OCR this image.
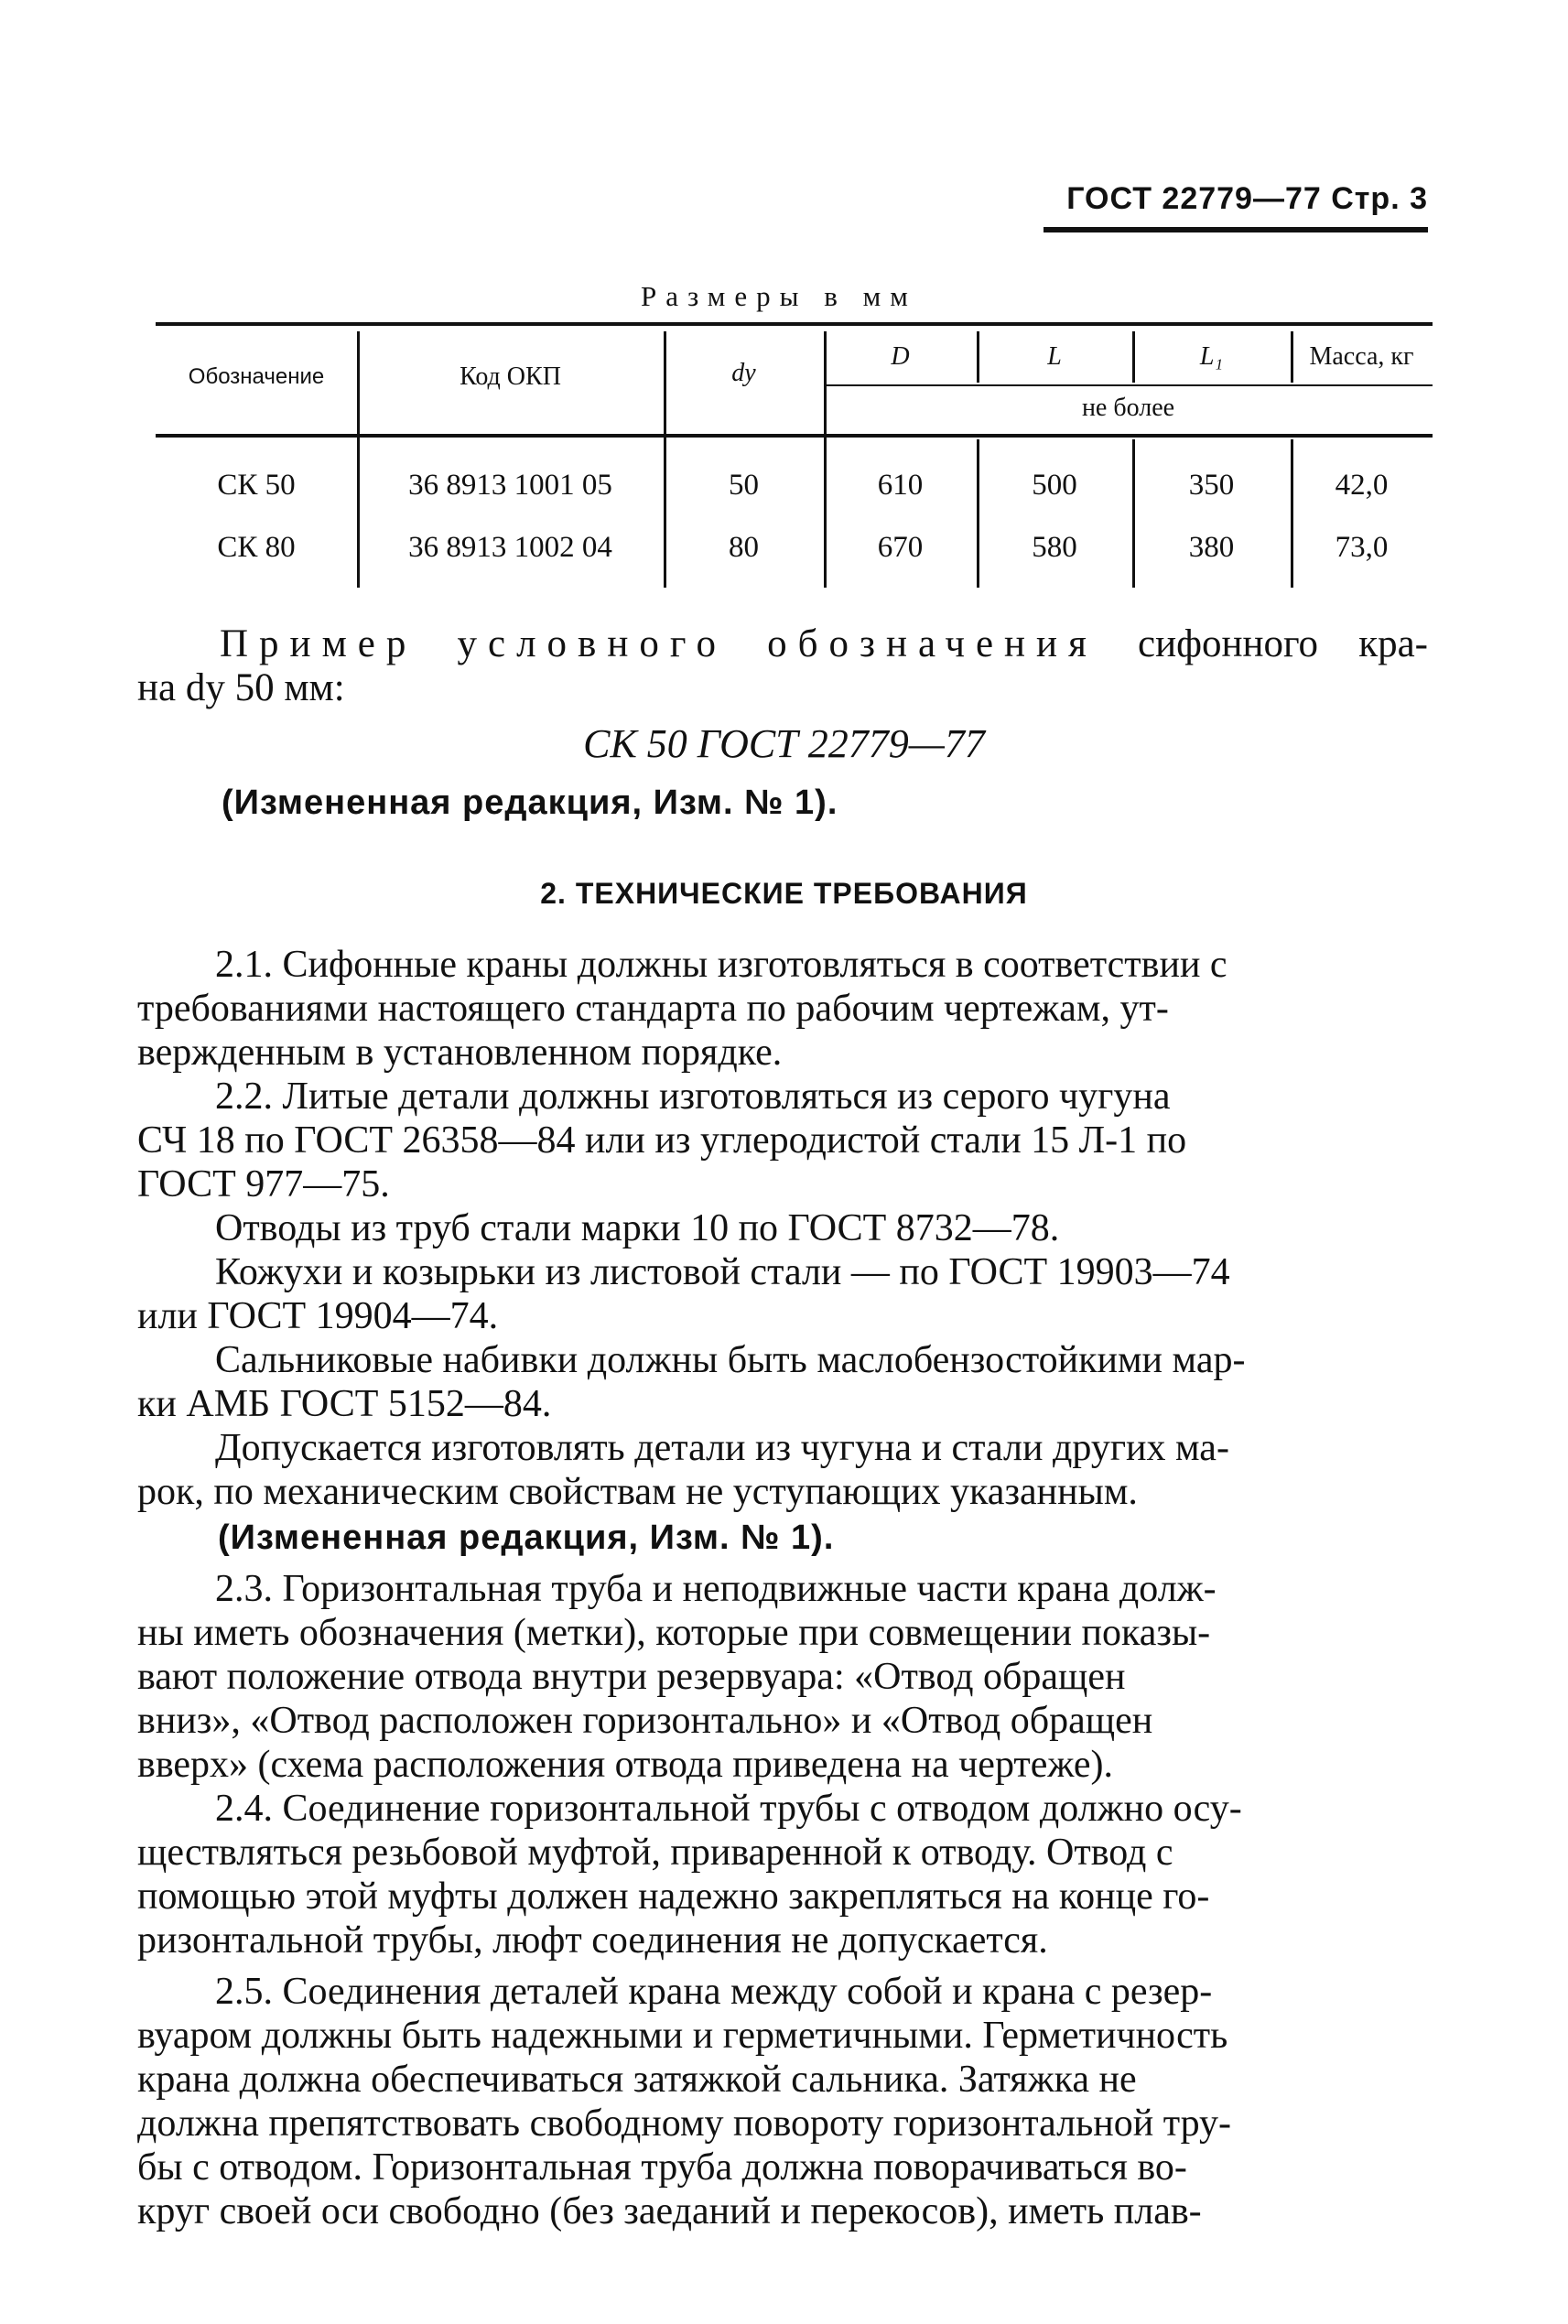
ГОСТ 22779—77 Стр. 3
Размеры в мм
Обозначение	Код ОКП	dу
D	L	L₁	Масса, кг
не более
СК 50	36 8913 1001 05	50	610	500	350	42,0
СК 80	36 8913 1002 04	80	670	580	380	73,0
Пример условного обозначения сифонного кра-
на dу 50 мм:
СК 50 ГОСТ 22779—77
(Измененная редакция, Изм. № 1).
2. ТЕХНИЧЕСКИЕ ТРЕБОВАНИЯ
2.1. Сифонные краны должны изготовляться в соответствии с
требованиями настоящего стандарта по рабочим чертежам, ут-
вержденным в установленном порядке.
2.2. Литые детали должны изготовляться из серого чугуна
СЧ 18 по ГОСТ 26358—84 или из углеродистой стали 15 Л-1 по
ГОСТ 977—75.
Отводы из труб стали марки 10 по ГОСТ 8732—78.
Кожухи и козырьки из листовой стали — по ГОСТ 19903—74
или ГОСТ 19904—74.
Сальниковые набивки должны быть маслобензостойкими мар-
ки АМБ ГОСТ 5152—84.
Допускается изготовлять детали из чугуна и стали других ма-
рок, по механическим свойствам не уступающих указанным.
(Измененная редакция, Изм. № 1).
2.3. Горизонтальная труба и неподвижные части крана долж-
ны иметь обозначения (метки), которые при совмещении показы-
вают положение отвода внутри резервуара: «Отвод обращен
вниз», «Отвод расположен горизонтально» и «Отвод обращен
вверх» (схема расположения отвода приведена на чертеже).
2.4. Соединение горизонтальной трубы с отводом должно осу-
ществляться резьбовой муфтой, приваренной к отводу. Отвод с
помощью этой муфты должен надежно закрепляться на конце го-
ризонтальной трубы, люфт соединения не допускается.
2.5. Соединения деталей крана между собой и крана с резер-
вуаром должны быть надежными и герметичными. Герметичность
крана должна обеспечиваться затяжкой сальника. Затяжка не
должна препятствовать свободному повороту горизонтальной тру-
бы с отводом. Горизонтальная труба должна поворачиваться во-
круг своей оси свободно (без заеданий и перекосов), иметь плав-
